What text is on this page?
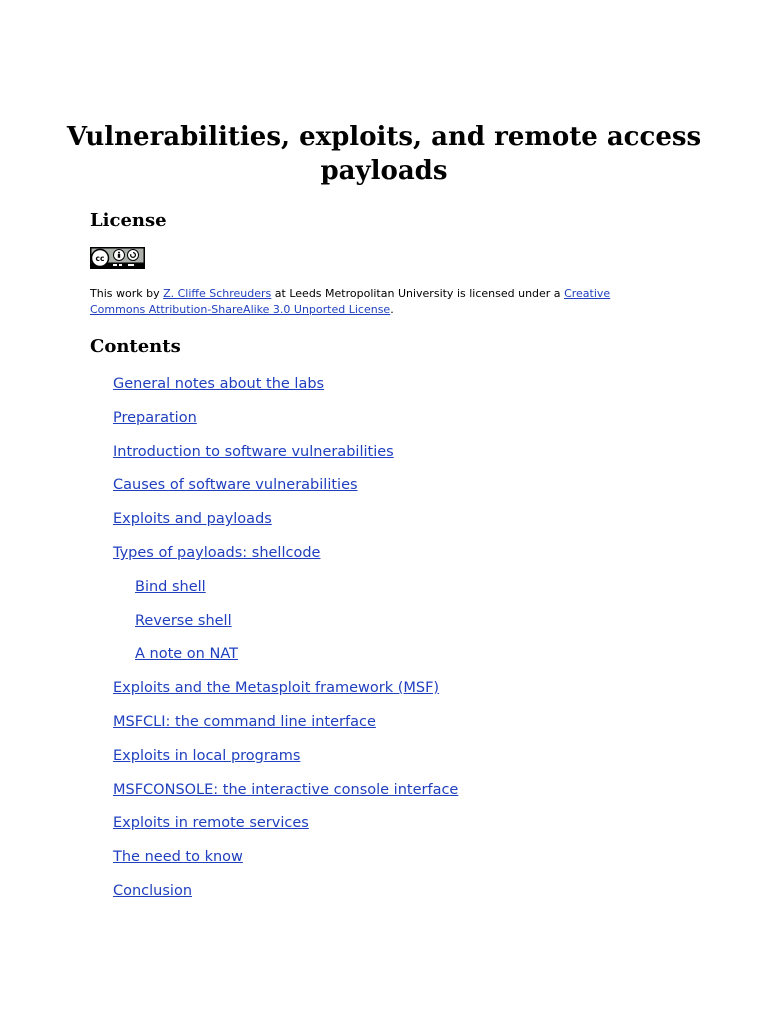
Vulnerabilities, exploits, and remote access payloads
License
cc

This work by Z. Cliffe Schreuders at Leeds Metropolitan University is licensed under a Creative Commons Attribution-ShareAlike 3.0 Unported License.

Contents
General notes about the labs
Preparation
Introduction to software vulnerabilities
Causes of software vulnerabilities
Exploits and payloads
Types of payloads: shellcode
Bind shell
Reverse shell
A note on NAT
Exploits and the Metasploit framework (MSF)
MSFCLI: the command line interface
Exploits in local programs
MSFCONSOLE: the interactive console interface
Exploits in remote services
The need to know
Conclusion
